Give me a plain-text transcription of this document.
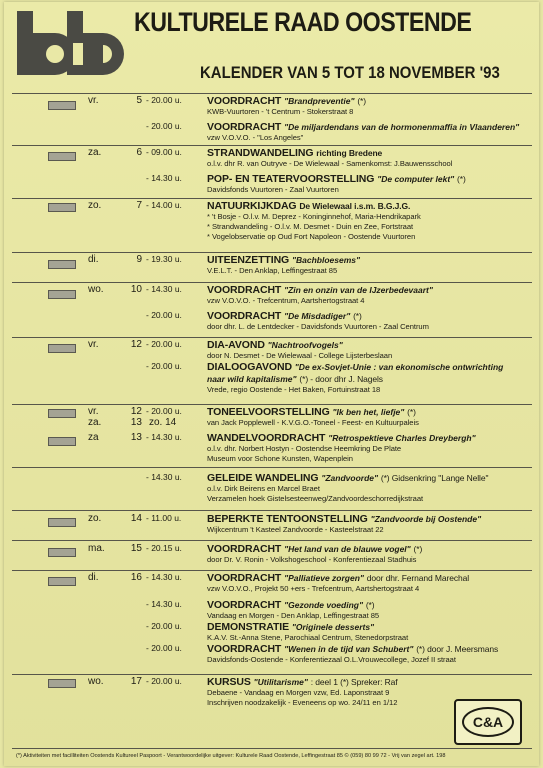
KULTURELE RAAD OOSTENDE
KALENDER VAN 5 TOT 18 NOVEMBER '93
vr.	5 - 20.00 u. VOORDRACHT "Brandpreventie" (*)
KWB-Vuurtoren - 't Centrum - Stokerstraat 8
- 20.00 u. VOORDRACHT "De miljardendans van de hormonenmaffia in Vlaanderen"
vzw V.O.V.O. - "Los Angeles"
za.	6 - 09.00 u. STRANDWANDELING richting Bredene
o.l.v. dhr R. van Outryve - De Wielewaal - Samenkomst: J.Bauwensschool
- 14.30 u. POP- EN TEATERVOORSTELLING "De computer lekt" (*)
Davidsfonds Vuurtoren - Zaal Vuurtoren
zo.	7 - 14.00 u. NATUURKIJKDAG De Wielewaal i.s.m. B.G.J.G.
* 't Bosje - O.l.v. M. Deprez - Koninginnehof, Maria-Hendrikapark
* Strandwandeling - O.l.v. M. Desmet - Duin en Zee, Fortstraat
* Vogelobservatie op Oud Fort Napoleon - Oostende Vuurtoren
di.	9 - 19.30 u. UITEENZETTING "Bachbloesems"
V.E.L.T. - Den Anklap, Leffingestraat 85
wo.	10 - 14.30 u. VOORDRACHT "Zin en onzin van de IJzerbedevaart"
vzw V.O.V.O. - Trefcentrum, Aartshertogstraat 4
- 20.00 u. VOORDRACHT "De Misdadiger" (*)
door dhr. L. de Lentdecker - Davidsfonds Vuurtoren - Zaal Centrum
vr.	12 - 20.00 u. DIA-AVOND "Nachtroofvogels"
door N. Desmet - De Wielewaal - College Lijsterbeslaan
- 20.00 u. DIALOOGAVOND "De ex-Sovjet-Unie : van ekonomische ontwrichting
naar wild kapitalisme" (*) - door dhr J. Nagels
Vrede, regio Oostende - Het Baken, Fortuinstraat 18
vr.	12 - 20.00 u. TONEELVOORSTELLING "Ik ben het, liefje" (*)
van Jack Popplewell - K.V.G.O.-Toneel - Feest- en Kultuurpaleis
za.	13 zo. 14
za	13 - 14.30 u. WANDELVOORDRACHT "Retrospektieve Charles Dreybergh"
o.l.v. dhr. Norbert Hostyn - Oostendse Heemkring De Plate
Museum voor Schone Kunsten, Wapenplein
- 14.30 u. GELEIDE WANDELING "Zandvoorde" (*) Gidsenkring "Lange Nelle"
o.l.v. Dirk Beirens en Marcel Braet
Verzamelen hoek Gistelsesteenweg/Zandvoordeschorredijkstraat
zo.	14 - 11.00 u. BEPERKTE TENTOONSTELLING "Zandvoorde bij Oostende"
Wijkcentrum 't Kasteel Zandvoorde - Kasteelstraat 22
ma.	15 - 20.15 u. VOORDRACHT "Het land van de blauwe vogel" (*)
door Dr. V. Ronin - Volkshogeschool - Konferentiezaal Stadhuis
di.	16 - 14.30 u. VOORDRACHT "Palliatieve zorgen" door dhr. Fernand Marechal
vzw V.O.V.O., Projekt 50 +ers - Trefcentrum, Aartshertogstraat 4
- 14.30 u. VOORDRACHT "Gezonde voeding" (*)
Vandaag en Morgen - Den Anklap, Leffingestraat 85
- 20.00 u. DEMONSTRATIE "Originele desserts"
K.A.V. St.-Anna Stene, Parochiaal Centrum, Stenedorpstraat
- 20.00 u. VOORDRACHT "Wenen in de tijd van Schubert" (*) door J. Meersmans
Davidsfonds-Oostende - Konferentiezaal O.L.Vrouwecollege, Jozef II straat
wo.	17 - 20.00 u. KURSUS "Utilitarisme" : deel 1 (*) Spreker: Raf
Debaene - Vandaag en Morgen vzw, Ed. Laponstraat 9
Inschrijven noodzakelijk - Eveneens op wo. 24/11 en 1/12
C&A
(*) Aktiviteiten met facilliteiten Oostends Kultureel Paspoort - Verantwoordelijke uitgever: Kulturele Raad Oostende, Leffingestraat 85 © (059) 80 99 72 - Vrij van zegel art. 198
